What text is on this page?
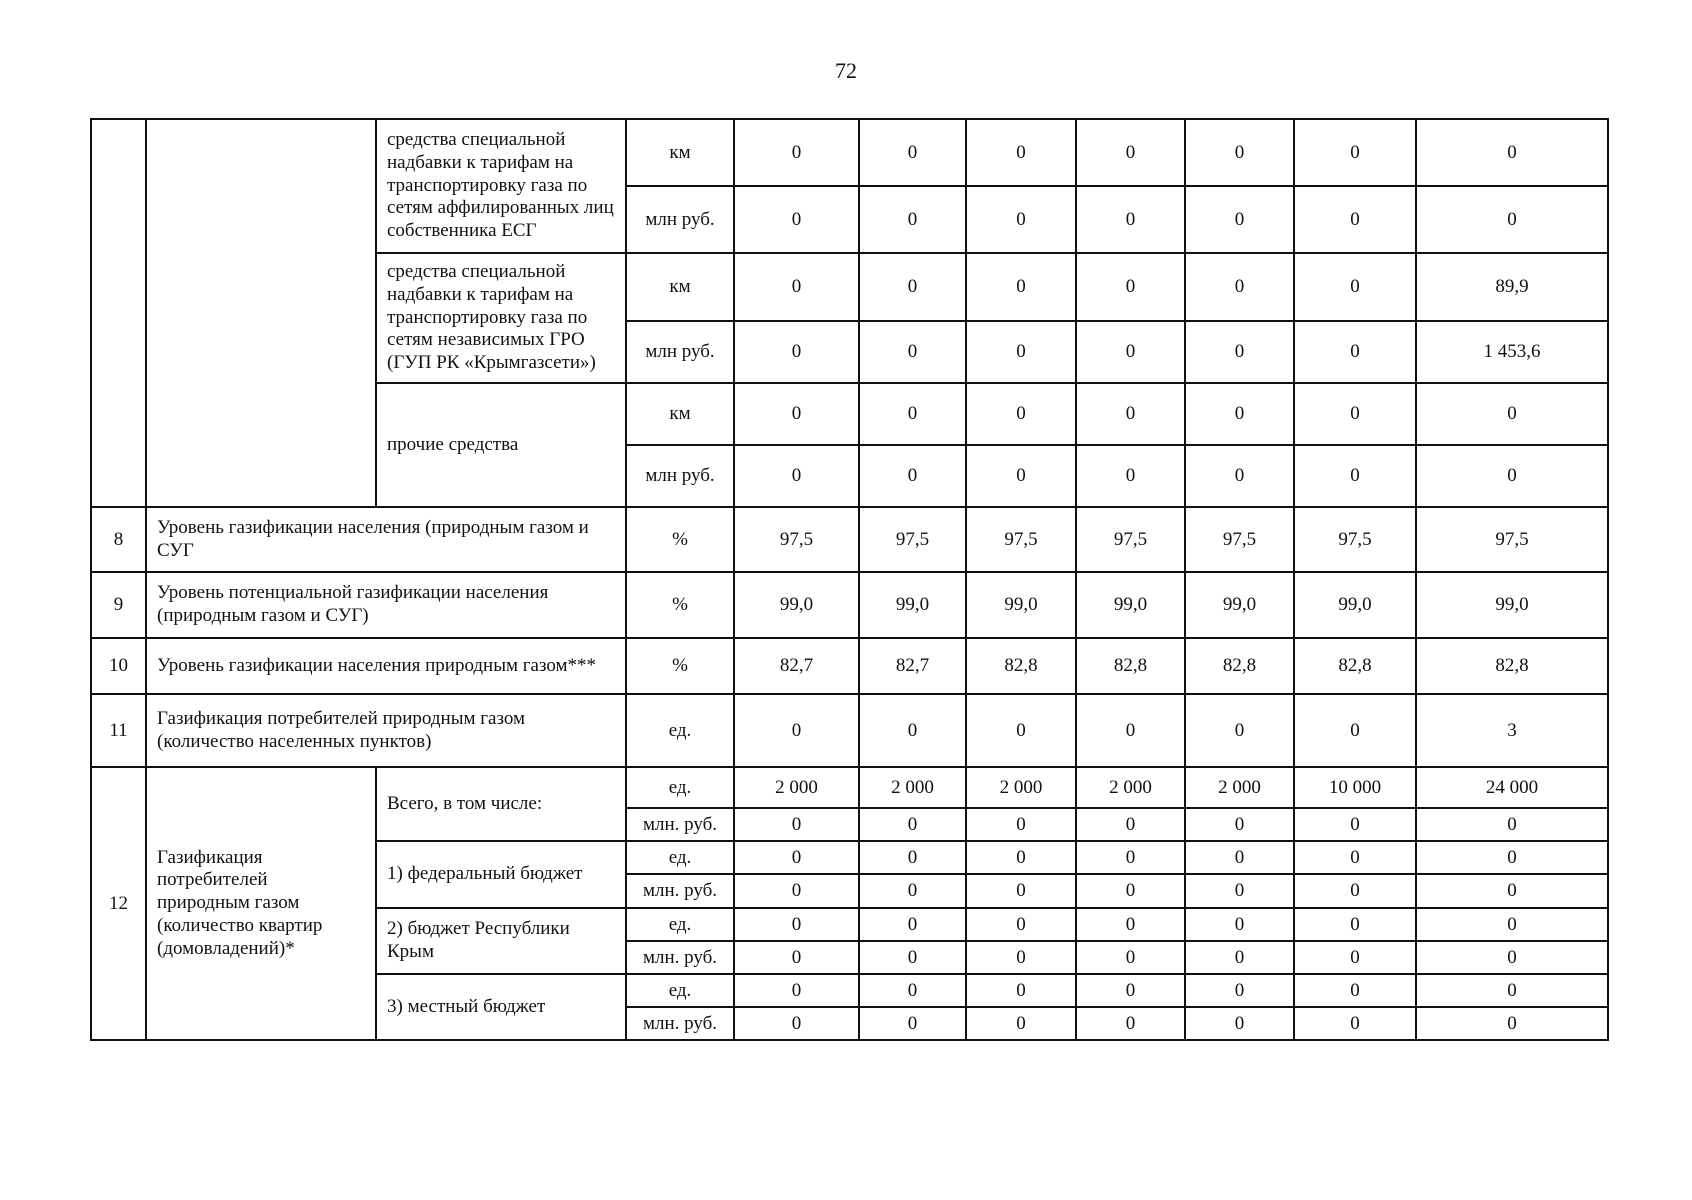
72
		средства специальной надбавки к тарифам на транспортировку газа по сетям аффилированных лиц собственника ЕСГ	км	0	0	0	0	0	0	0
			млн руб.	0	0	0	0	0	0	0
		средства специальной надбавки к тарифам на транспортировку газа по сетям независимых ГРО (ГУП РК «Крымгазсети»)	км	0	0	0	0	0	0	89,9
			млн руб.	0	0	0	0	0	0	1 453,6
		прочие средства	км	0	0	0	0	0	0	0
			млн руб.	0	0	0	0	0	0	0
8	Уровень газификации населения (природным газом и СУГ		%	97,5	97,5	97,5	97,5	97,5	97,5	97,5
9	Уровень потенциальной газификации населения (природным газом и СУГ)		%	99,0	99,0	99,0	99,0	99,0	99,0	99,0
10	Уровень газификации населения природным газом***		%	82,7	82,7	82,8	82,8	82,8	82,8	82,8
11	Газификация потребителей природным газом (количество населенных пунктов)		ед.	0	0	0	0	0	0	3
12	Газификация потребителей природным газом (количество квартир (домовладений)*	Всего, в том числе:	ед.	2 000	2 000	2 000	2 000	2 000	10 000	24 000
			млн. руб.	0	0	0	0	0	0	0
		1) федеральный бюджет	ед.	0	0	0	0	0	0	0
			млн. руб.	0	0	0	0	0	0	0
		2) бюджет Республики Крым	ед.	0	0	0	0	0	0	0
			млн. руб.	0	0	0	0	0	0	0
		3) местный бюджет	ед.	0	0	0	0	0	0	0
			млн. руб.	0	0	0	0	0	0	0
